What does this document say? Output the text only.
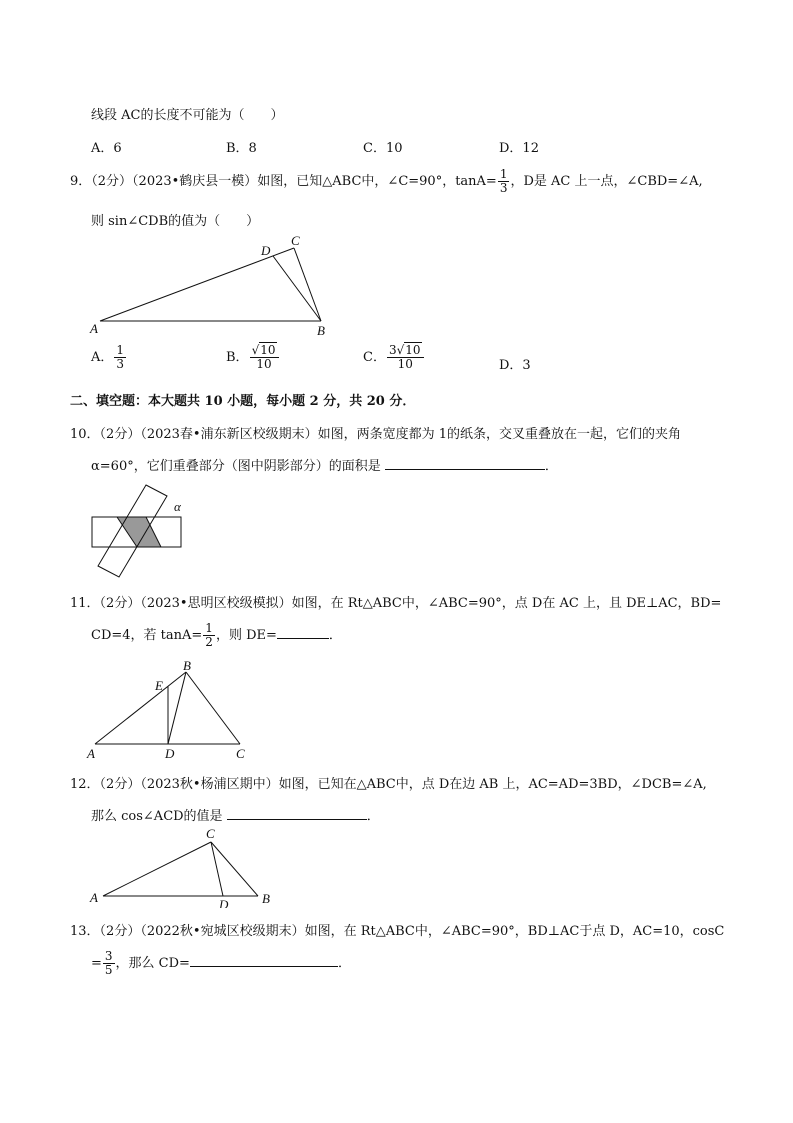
线段 AC的长度不可能为（　　）
A．6	B．8	C．10	D．12
9．（2分）（2023•鹤庆县一模）如图，已知△ABC中，∠C=90°，$\tan A= \frac{1}{3}$ ，D是 AC 上一点，∠CBD=∠A,
则 sin∠CDB的值为（　　）
A	B
C
D
A． $\frac{1}{3}$	B． $\frac{√10}{10}$	C． $\frac{3√10}{10}$	D．3
二、填空题：本大题共 10 小题，每小题 2 分，共 20 分．
10．（2分）（2023春•浦东新区校级期末）如图，两条宽度都为 1的纸条，交叉重叠放在一起，它们的夹角
α=60°，它们重叠部分（图中阴影部分）的面积是	．
α
11．（2分）（2023•思明区校级模拟）如图，在 Rt△ABC中，∠ABC=90°，点 D在 AC 上，且 DE⊥AC，BD=
CD=4，若 $\tan A= \frac{1}{2}$ ，则 DE=	．
A
B
C
D
E
12．（2分）（2023秋•杨浦区期中）如图，已知在△ABC中，点 D在边 AB 上，AC=AD=3BD，∠DCB=∠A,
那么 cos∠ACD的值是	．
A	B
C
D
13．（2分）（2022秋•宛城区校级期末）如图，在 Rt△ABC中，∠ABC=90°，BD⊥AC于点 D，AC=10，cosC
= $\frac{3}{5}$ ，那么 CD=	．
